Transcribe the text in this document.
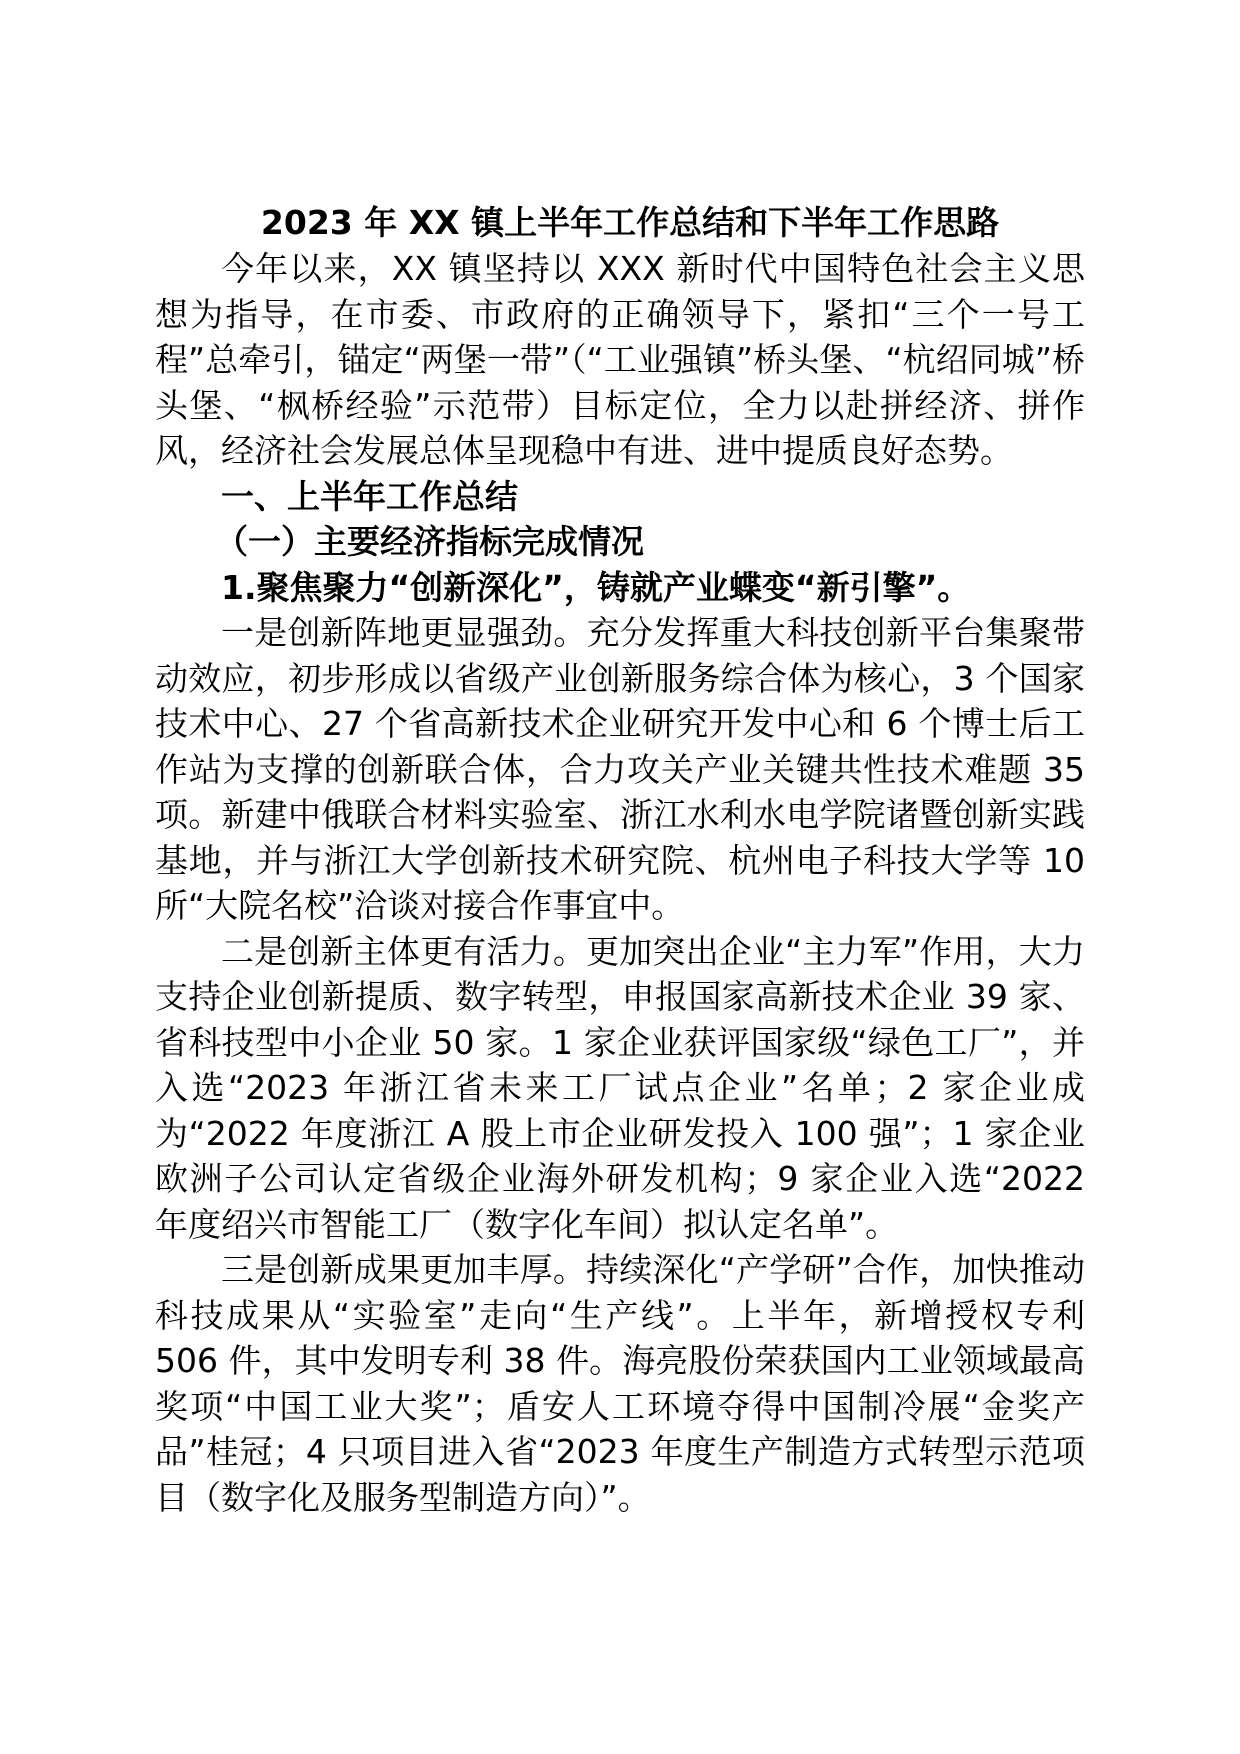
2023 年 XX 镇上半年工作总结和下半年工作思路

今年以来，XX 镇坚持以 XXX 新时代中国特色社会主义思想为指导，在市委、市政府的正确领导下，紧扣“三个一号工程”总牵引，锚定“两堡一带”（“工业强镇”桥头堡、“杭绍同城”桥头堡、“枫桥经验”示范带）目标定位，全力以赴拼经济、拼作风，经济社会发展总体呈现稳中有进、进中提质良好态势。

一、上半年工作总结

（一）主要经济指标完成情况

1.聚焦聚力“创新深化”，铸就产业蝶变“新引擎”。

一是创新阵地更显强劲。充分发挥重大科技创新平台集聚带动效应，初步形成以省级产业创新服务综合体为核心，3 个国家技术中心、27 个省高新技术企业研究开发中心和 6 个博士后工作站为支撑的创新联合体，合力攻关产业关键共性技术难题 35 项。新建中俄联合材料实验室、浙江水利水电学院诸暨创新实践基地，并与浙江大学创新技术研究院、杭州电子科技大学等 10 所“大院名校”洽谈对接合作事宜中。

二是创新主体更有活力。更加突出企业“主力军”作用，大力支持企业创新提质、数字转型，申报国家高新技术企业 39 家、省科技型中小企业 50 家。1 家企业获评国家级“绿色工厂”，并入选“2023 年浙江省未来工厂试点企业”名单；2 家企业成为“2022 年度浙江 A 股上市企业研发投入 100 强”；1 家企业欧洲子公司认定省级企业海外研发机构；9 家企业入选“2022 年度绍兴市智能工厂（数字化车间）拟认定名单”。

三是创新成果更加丰厚。持续深化“产学研”合作，加快推动科技成果从“实验室”走向“生产线”。上半年，新增授权专利 506 件，其中发明专利 38 件。海亮股份荣获国内工业领域最高奖项“中国工业大奖”；盾安人工环境夺得中国制冷展“金奖产品”桂冠；4 只项目进入省“2023 年度生产制造方式转型示范项目（数字化及服务型制造方向）”。
